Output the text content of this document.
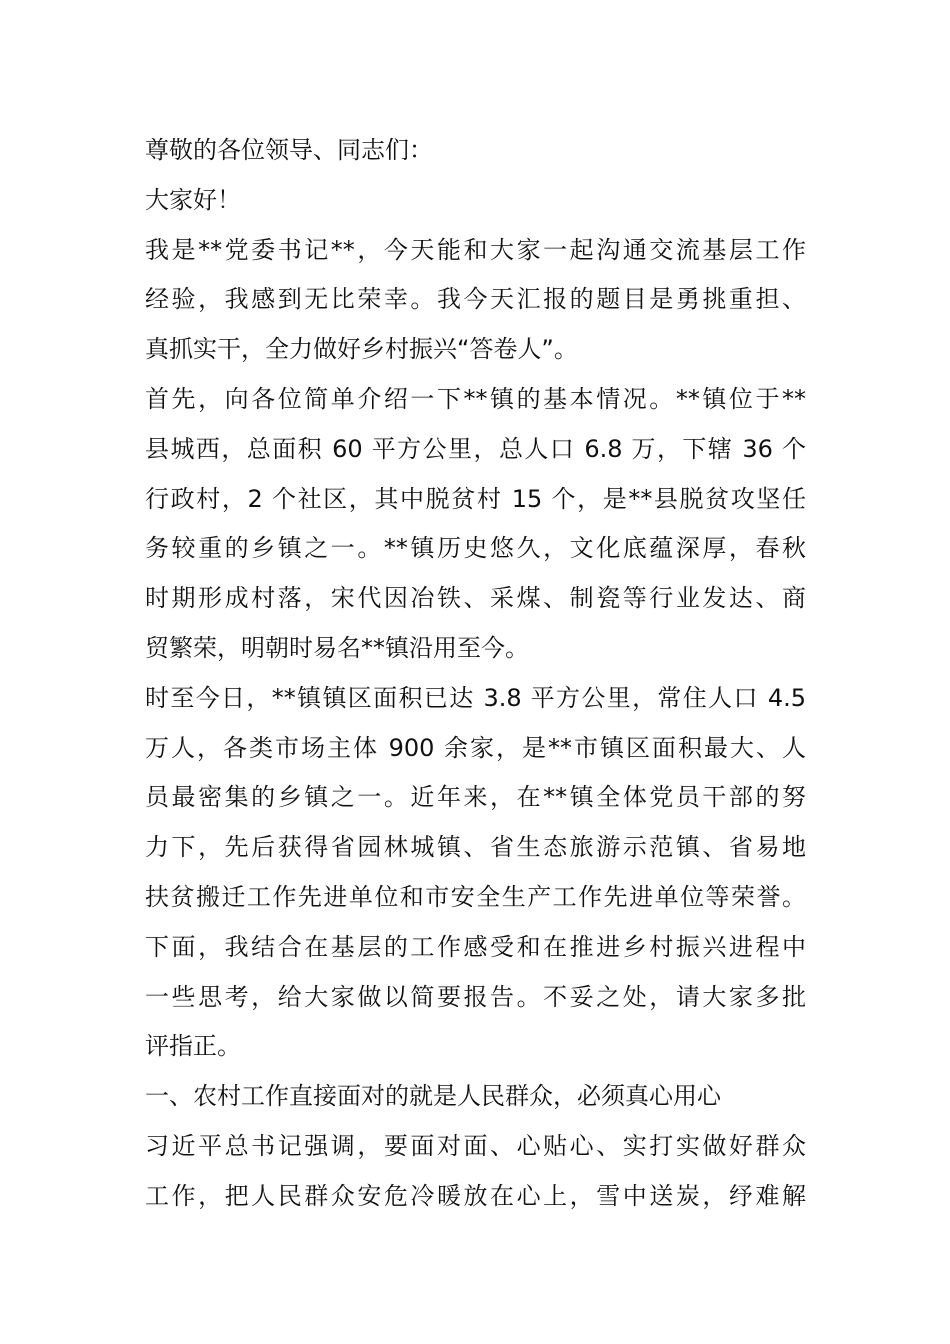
尊敬的各位领导、同志们：
大家好！
我是**党委书记**，今天能和大家一起沟通交流基层工作
经验，我感到无比荣幸。我今天汇报的题目是勇挑重担、
真抓实干，全力做好乡村振兴“答卷人”。
首先，向各位简单介绍一下**镇的基本情况。**镇位于**
县城西，总面积 60 平方公里，总人口 6.8 万，下辖 36 个
行政村，2 个社区，其中脱贫村 15 个，是**县脱贫攻坚任
务较重的乡镇之一。**镇历史悠久，文化底蕴深厚，春秋
时期形成村落，宋代因冶铁、采煤、制瓷等行业发达、商
贸繁荣，明朝时易名**镇沿用至今。
时至今日，**镇镇区面积已达 3.8 平方公里，常住人口 4.5
万人，各类市场主体 900 余家，是**市镇区面积最大、人
员最密集的乡镇之一。近年来，在**镇全体党员干部的努
力下，先后获得省园林城镇、省生态旅游示范镇、省易地
扶贫搬迁工作先进单位和市安全生产工作先进单位等荣誉。
下面，我结合在基层的工作感受和在推进乡村振兴进程中
一些思考，给大家做以简要报告。不妥之处，请大家多批
评指正。
一、农村工作直接面对的就是人民群众，必须真心用心
习近平总书记强调，要面对面、心贴心、实打实做好群众
工作，把人民群众安危冷暖放在心上，雪中送炭，纾难解
